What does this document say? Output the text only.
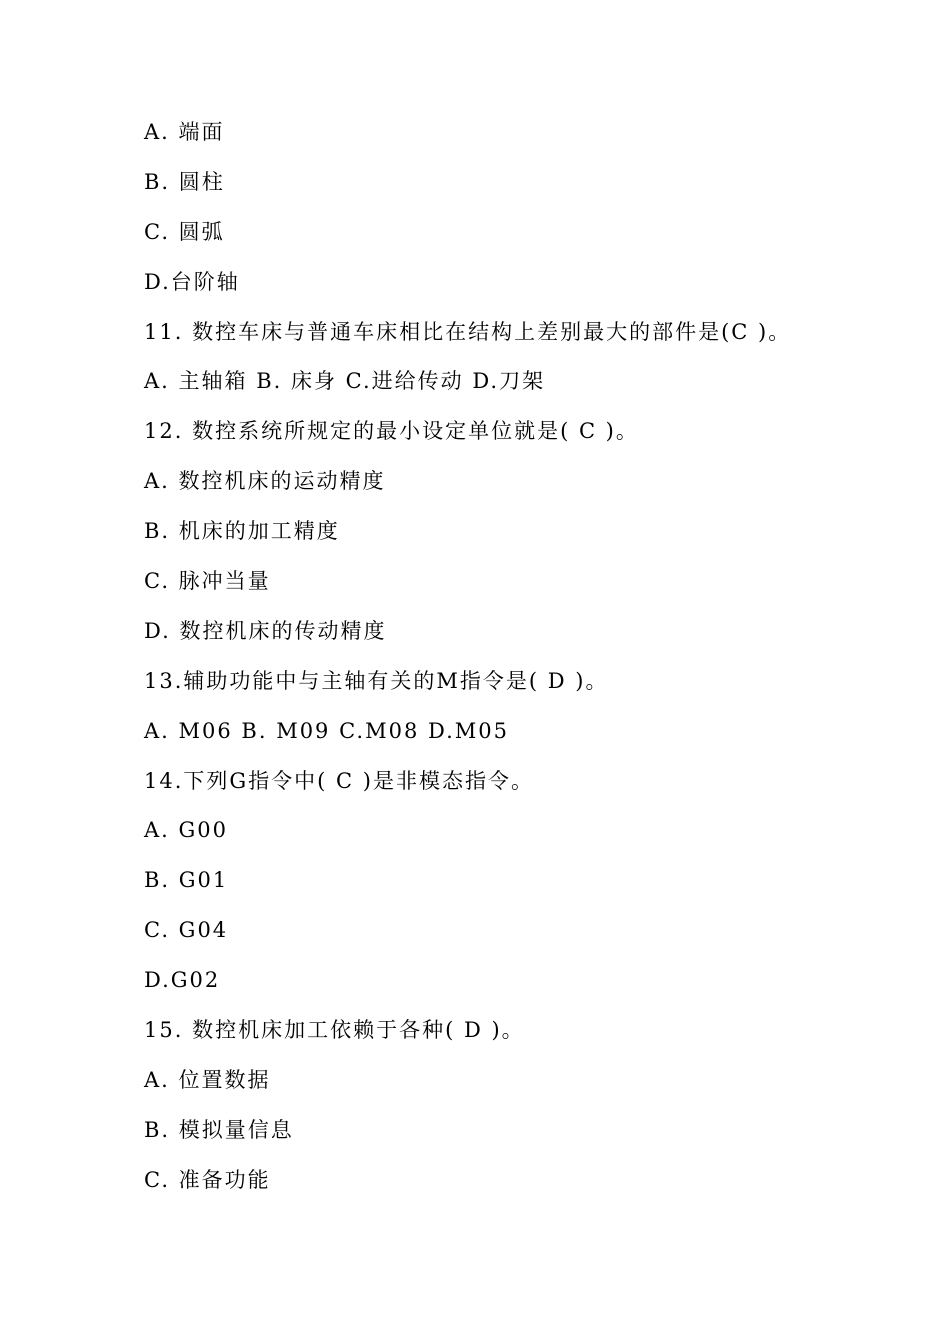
A. 端面
B. 圆柱
C. 圆弧
D.台阶轴
11. 数控车床与普通车床相比在结构上差别最大的部件是(C )。
A. 主轴箱 B. 床身 C.进给传动 D.刀架
12. 数控系统所规定的最小设定单位就是( C )。
A. 数控机床的运动精度
B. 机床的加工精度
C. 脉冲当量
D. 数控机床的传动精度
13.辅助功能中与主轴有关的M指令是( D )。
A. M06 B. M09 C.M08 D.M05
14.下列G指令中( C )是非模态指令。
A. G00
B. G01
C. G04
D.G02
15. 数控机床加工依赖于各种( D )。
A. 位置数据
B. 模拟量信息
C. 准备功能
